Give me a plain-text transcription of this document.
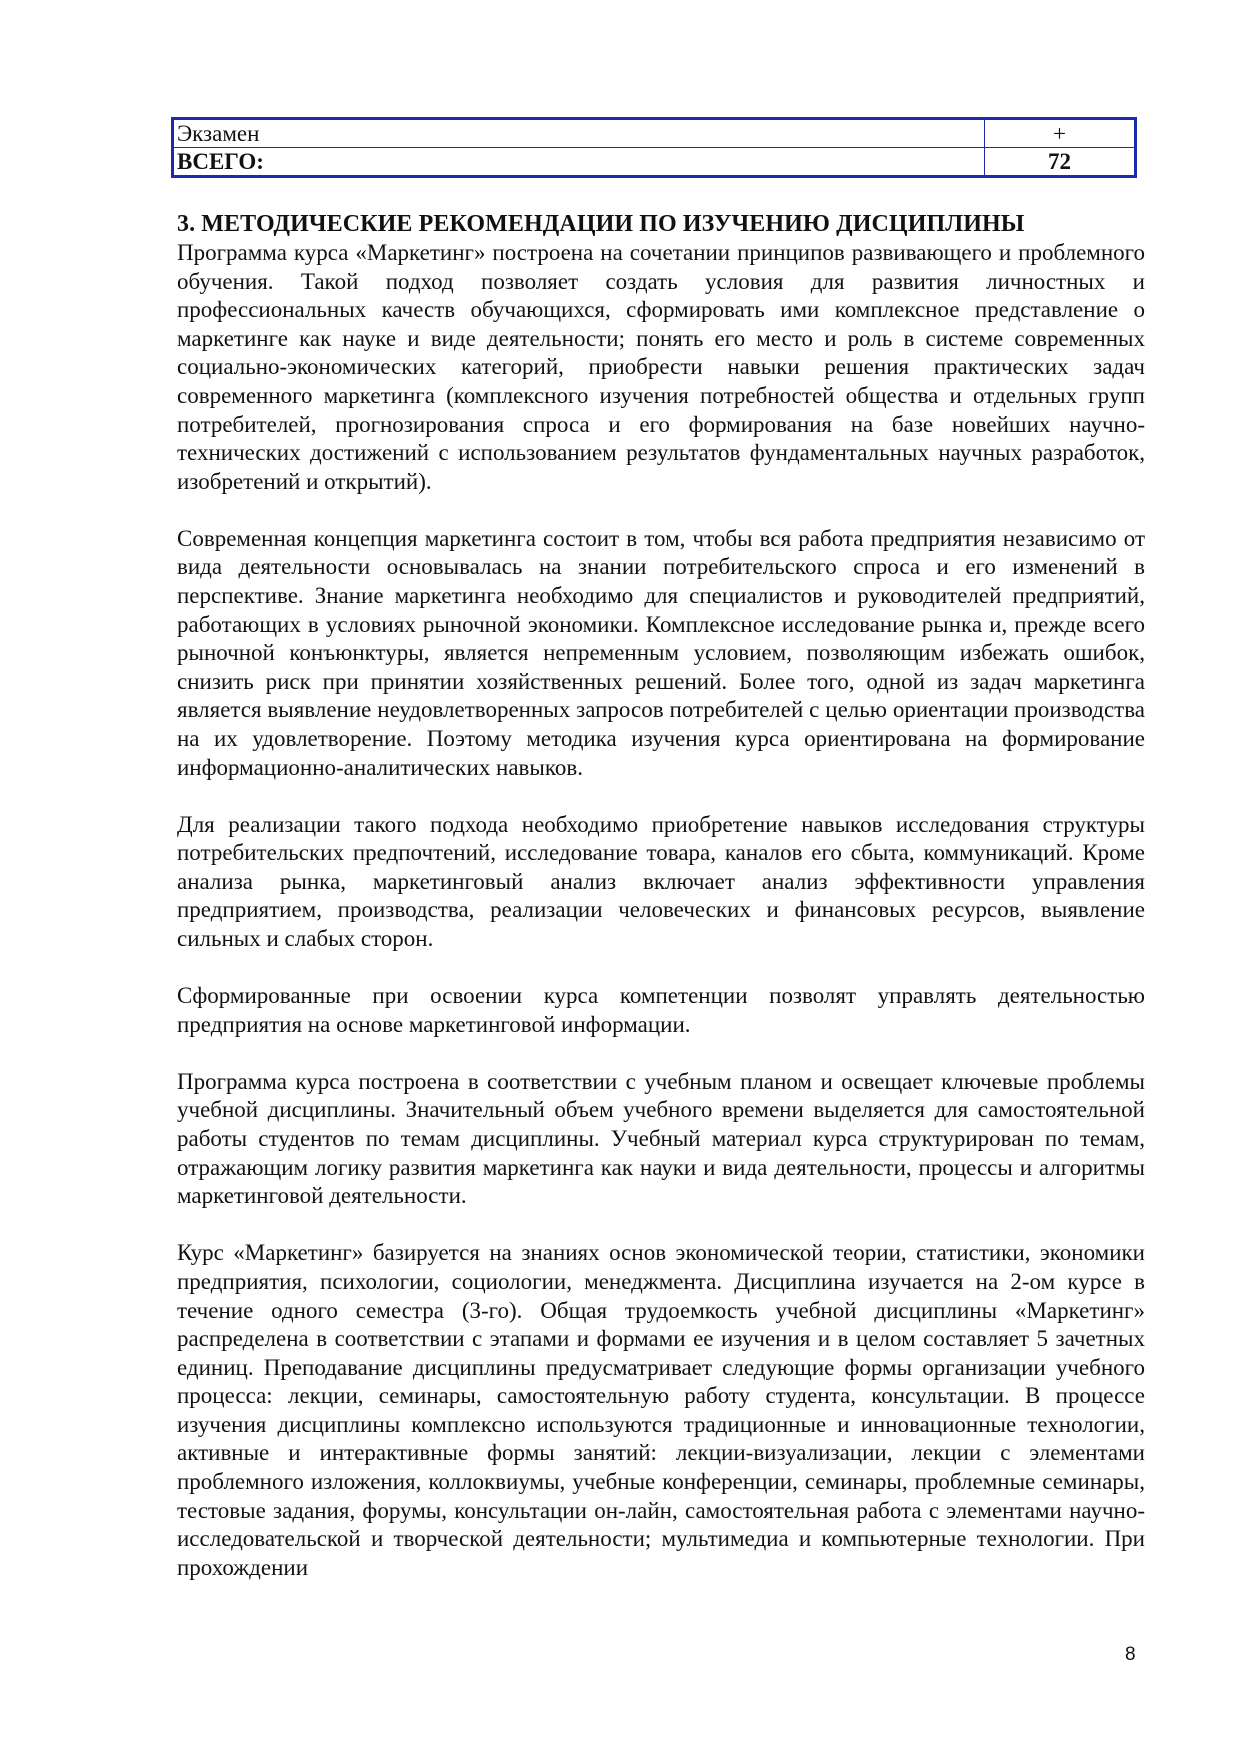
Экзамен	+
ВСЕГО:	72
3. МЕТОДИЧЕСКИЕ РЕКОМЕНДАЦИИ ПО ИЗУЧЕНИЮ ДИСЦИПЛИНЫ

Программа курса «Маркетинг» построена на сочетании принципов развивающего и проблемного обучения. Такой подход позволяет создать условия для развития личностных и профессиональных качеств обучающихся, сформировать ими комплексное представление о маркетинге как науке и виде деятельности; понять его место и роль в системе современных социально-экономических категорий, приобрести навыки решения практических задач современного маркетинга (комплексного изучения потребностей общества и отдельных групп потребителей, прогнозирования спроса и его формирования на базе новейших научно-технических достижений с использованием результатов фундаментальных научных разработок, изобретений и открытий).

Современная концепция маркетинга состоит в том, чтобы вся работа предприятия независимо от вида деятельности основывалась на знании потребительского спроса и его изменений в перспективе. Знание маркетинга необходимо для специалистов и руководителей предприятий, работающих в условиях рыночной экономики. Комплексное исследование рынка и, прежде всего рыночной конъюнктуры, является непременным условием, позволяющим избежать ошибок, снизить риск при принятии хозяйственных решений. Более того, одной из задач маркетинга является выявление неудовлетворенных запросов потребителей с целью ориентации производства на их удовлетворение. Поэтому методика изучения курса ориентирована на формирование информационно-аналитических навыков.

Для реализации такого подхода необходимо приобретение навыков исследования структуры потребительских предпочтений, исследование товара, каналов его сбыта, коммуникаций. Кроме анализа рынка, маркетинговый анализ включает анализ эффективности управления предприятием, производства, реализации человеческих и финансовых ресурсов, выявление сильных и слабых сторон.

Сформированные при освоении курса компетенции позволят управлять деятельностью предприятия на основе маркетинговой информации.

Программа курса построена в соответствии с учебным планом и освещает ключевые проблемы учебной дисциплины. Значительный объем учебного времени выделяется для самостоятельной работы студентов по темам дисциплины. Учебный материал курса структурирован по темам, отражающим логику развития маркетинга как науки и вида деятельности, процессы и алгоритмы маркетинговой деятельности.

Курс «Маркетинг» базируется на знаниях основ экономической теории, статистики, экономики предприятия, психологии, социологии, менеджмента. Дисциплина изучается на 2-ом курсе в течение одного семестра (3-го). Общая трудоемкость учебной дисциплины «Маркетинг» распределена в соответствии с этапами и формами ее изучения и в целом составляет 5 зачетных единиц. Преподавание дисциплины предусматривает следующие формы организации учебного процесса: лекции, семинары, самостоятельную работу студента, консультации. В процессе изучения дисциплины комплексно используются традиционные и инновационные технологии, активные и интерактивные формы занятий: лекции-визуализации, лекции с элементами проблемного изложения, коллоквиумы, учебные конференции, семинары, проблемные семинары, тестовые задания, форумы, консультации он-лайн, самостоятельная работа с элементами научно-исследовательской и творческой деятельности; мультимедиа и компьютерные технологии. При прохождении

8
